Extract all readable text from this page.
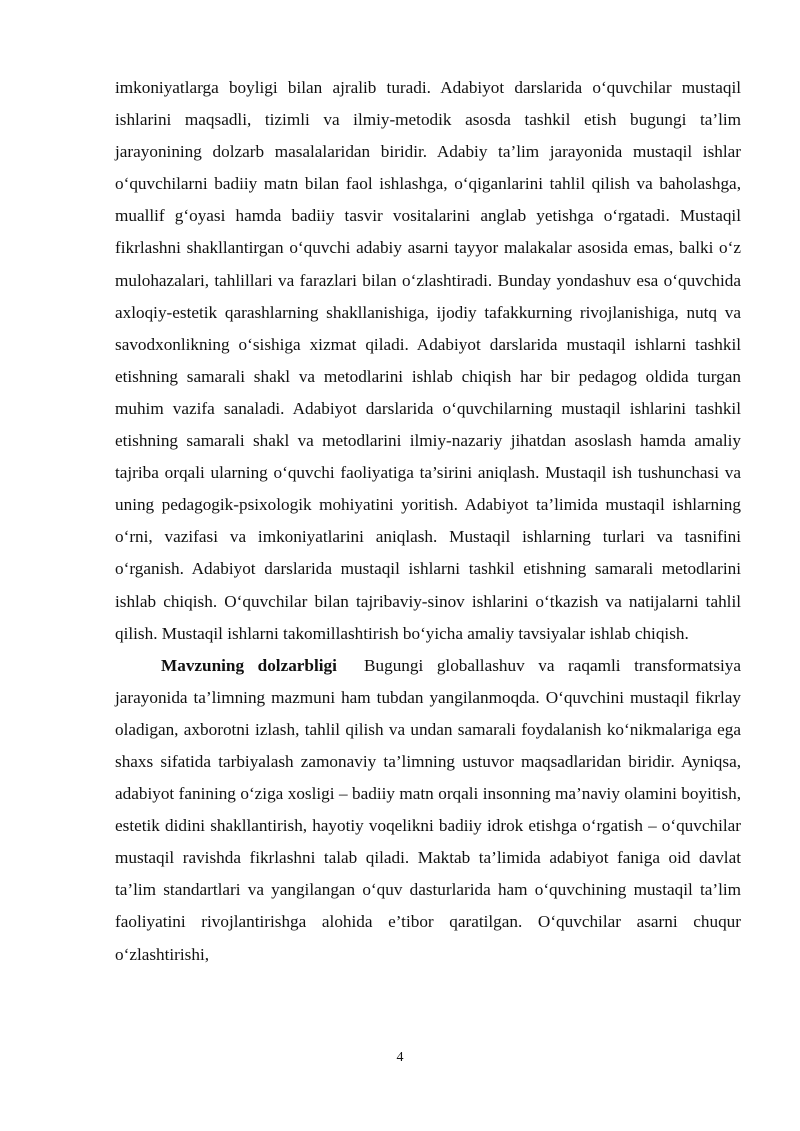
imkoniyatlarga boyligi bilan ajralib turadi. Adabiyot darslarida o‘quvchilar mustaqil ishlarini maqsadli, tizimli va ilmiy-metodik asosda tashkil etish bugungi ta’lim jarayonining dolzarb masalalaridan biridir. Adabiy ta’lim jarayonida mustaqil ishlar o‘quvchilarni badiiy matn bilan faol ishlashga, o‘qiganlarini tahlil qilish va baholashga, muallif g‘oyasi hamda badiiy tasvir vositalarini anglab yetishga o‘rgatadi. Mustaqil fikrlashni shakllantirgan o‘quvchi adabiy asarni tayyor malakalar asosida emas, balki o‘z mulohazalari, tahlillari va farazlari bilan o‘zlashtiradi. Bunday yondashuv esa o‘quvchida axloqiy-estetik qarashlarning shakllanishiga, ijodiy tafakkurning rivojlanishiga, nutq va savodxonlikning o‘sishiga xizmat qiladi. Adabiyot darslarida mustaqil ishlarni tashkil etishning samarali shakl va metodlarini ishlab chiqish har bir pedagog oldida turgan muhim vazifa sanaladi. Adabiyot darslarida o‘quvchilarning mustaqil ishlarini tashkil etishning samarali shakl va metodlarini ilmiy-nazariy jihatdan asoslash hamda amaliy tajriba orqali ularning o‘quvchi faoliyatiga ta’sirini aniqlash. Mustaqil ish tushunchasi va uning pedagogik-psixologik mohiyatini yoritish. Adabiyot ta’limida mustaqil ishlarning o‘rni, vazifasi va imkoniyatlarini aniqlash. Mustaqil ishlarning turlari va tasnifini o‘rganish. Adabiyot darslarida mustaqil ishlarni tashkil etishning samarali metodlarini ishlab chiqish. O‘quvchilar bilan tajribaviy-sinov ishlarini o‘tkazish va natijalarni tahlil qilish. Mustaqil ishlarni takomillashtirish bo‘yicha amaliy tavsiyalar ishlab chiqish.

Mavzuning dolzarbligi  Bugungi globallashuv va raqamli transformatsiya jarayonida ta’limning mazmuni ham tubdan yangilanmoqda. O‘quvchini mustaqil fikrlay oladigan, axborotni izlash, tahlil qilish va undan samarali foydalanish ko‘nikmalariga ega shaxs sifatida tarbiyalash zamonaviy ta’limning ustuvor maqsadlaridan biridir. Ayniqsa, adabiyot fanining o‘ziga xosligi – badiiy matn orqali insonning ma’naviy olamini boyitish, estetik didini shakllantirish, hayotiy voqelikni badiiy idrok etishga o‘rgatish – o‘quvchilar mustaqil ravishda fikrlashni talab qiladi. Maktab ta’limida adabiyot faniga oid davlat ta’lim standartlari va yangilangan o‘quv dasturlarida ham o‘quvchining mustaqil ta’lim faoliyatini rivojlantirishga alohida e’tibor qaratilgan. O‘quvchilar asarni chuqur o‘zlashtirishi,

4
